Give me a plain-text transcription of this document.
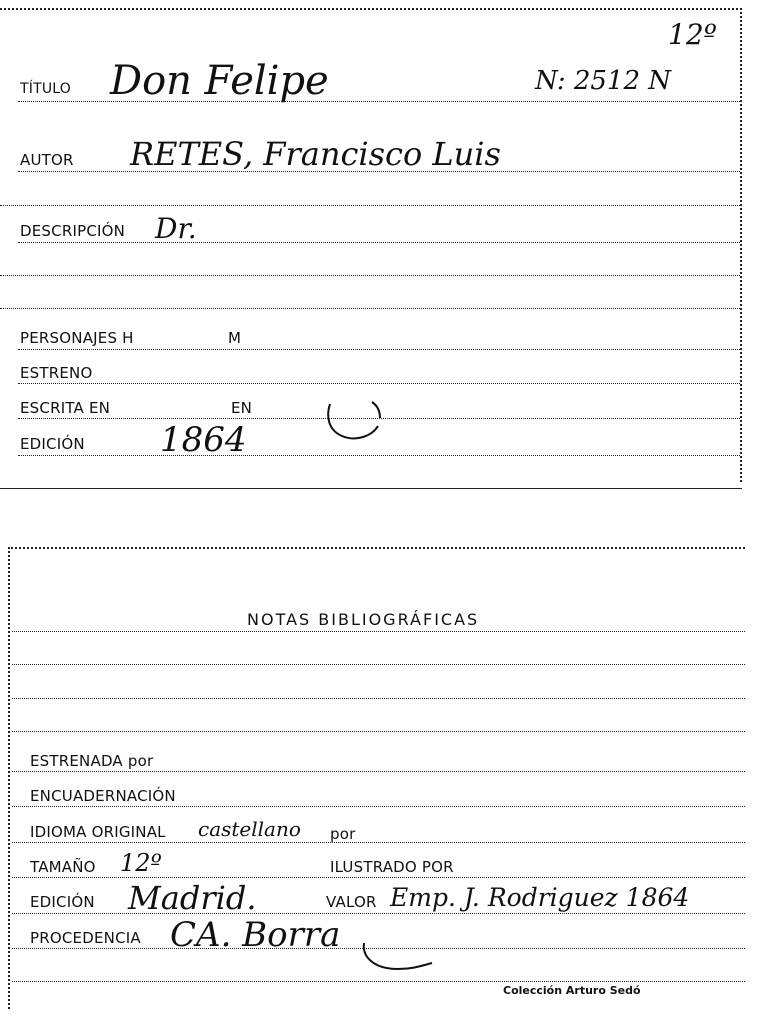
12º
N: 2512 N
TÍTULO Don Felipe
AUTOR RETES, Francisco Luis
DESCRIPCIÓN Dr.
PERSONAJES H	M
ESTRENO
ESCRITA EN	EN
EDICIÓN 1864
NOTAS BIBLIOGRÁFICAS
ESTRENADA por
ENCUADERNACIÓN
IDIOMA ORIGINAL castellano por
TAMAÑO 12º	ILUSTRADO POR
EDICIÓN Madrid.	VALOR Emp. J. Rodriguez 1864
PROCEDENCIA CA. Borra
Colección Arturo Sedó
